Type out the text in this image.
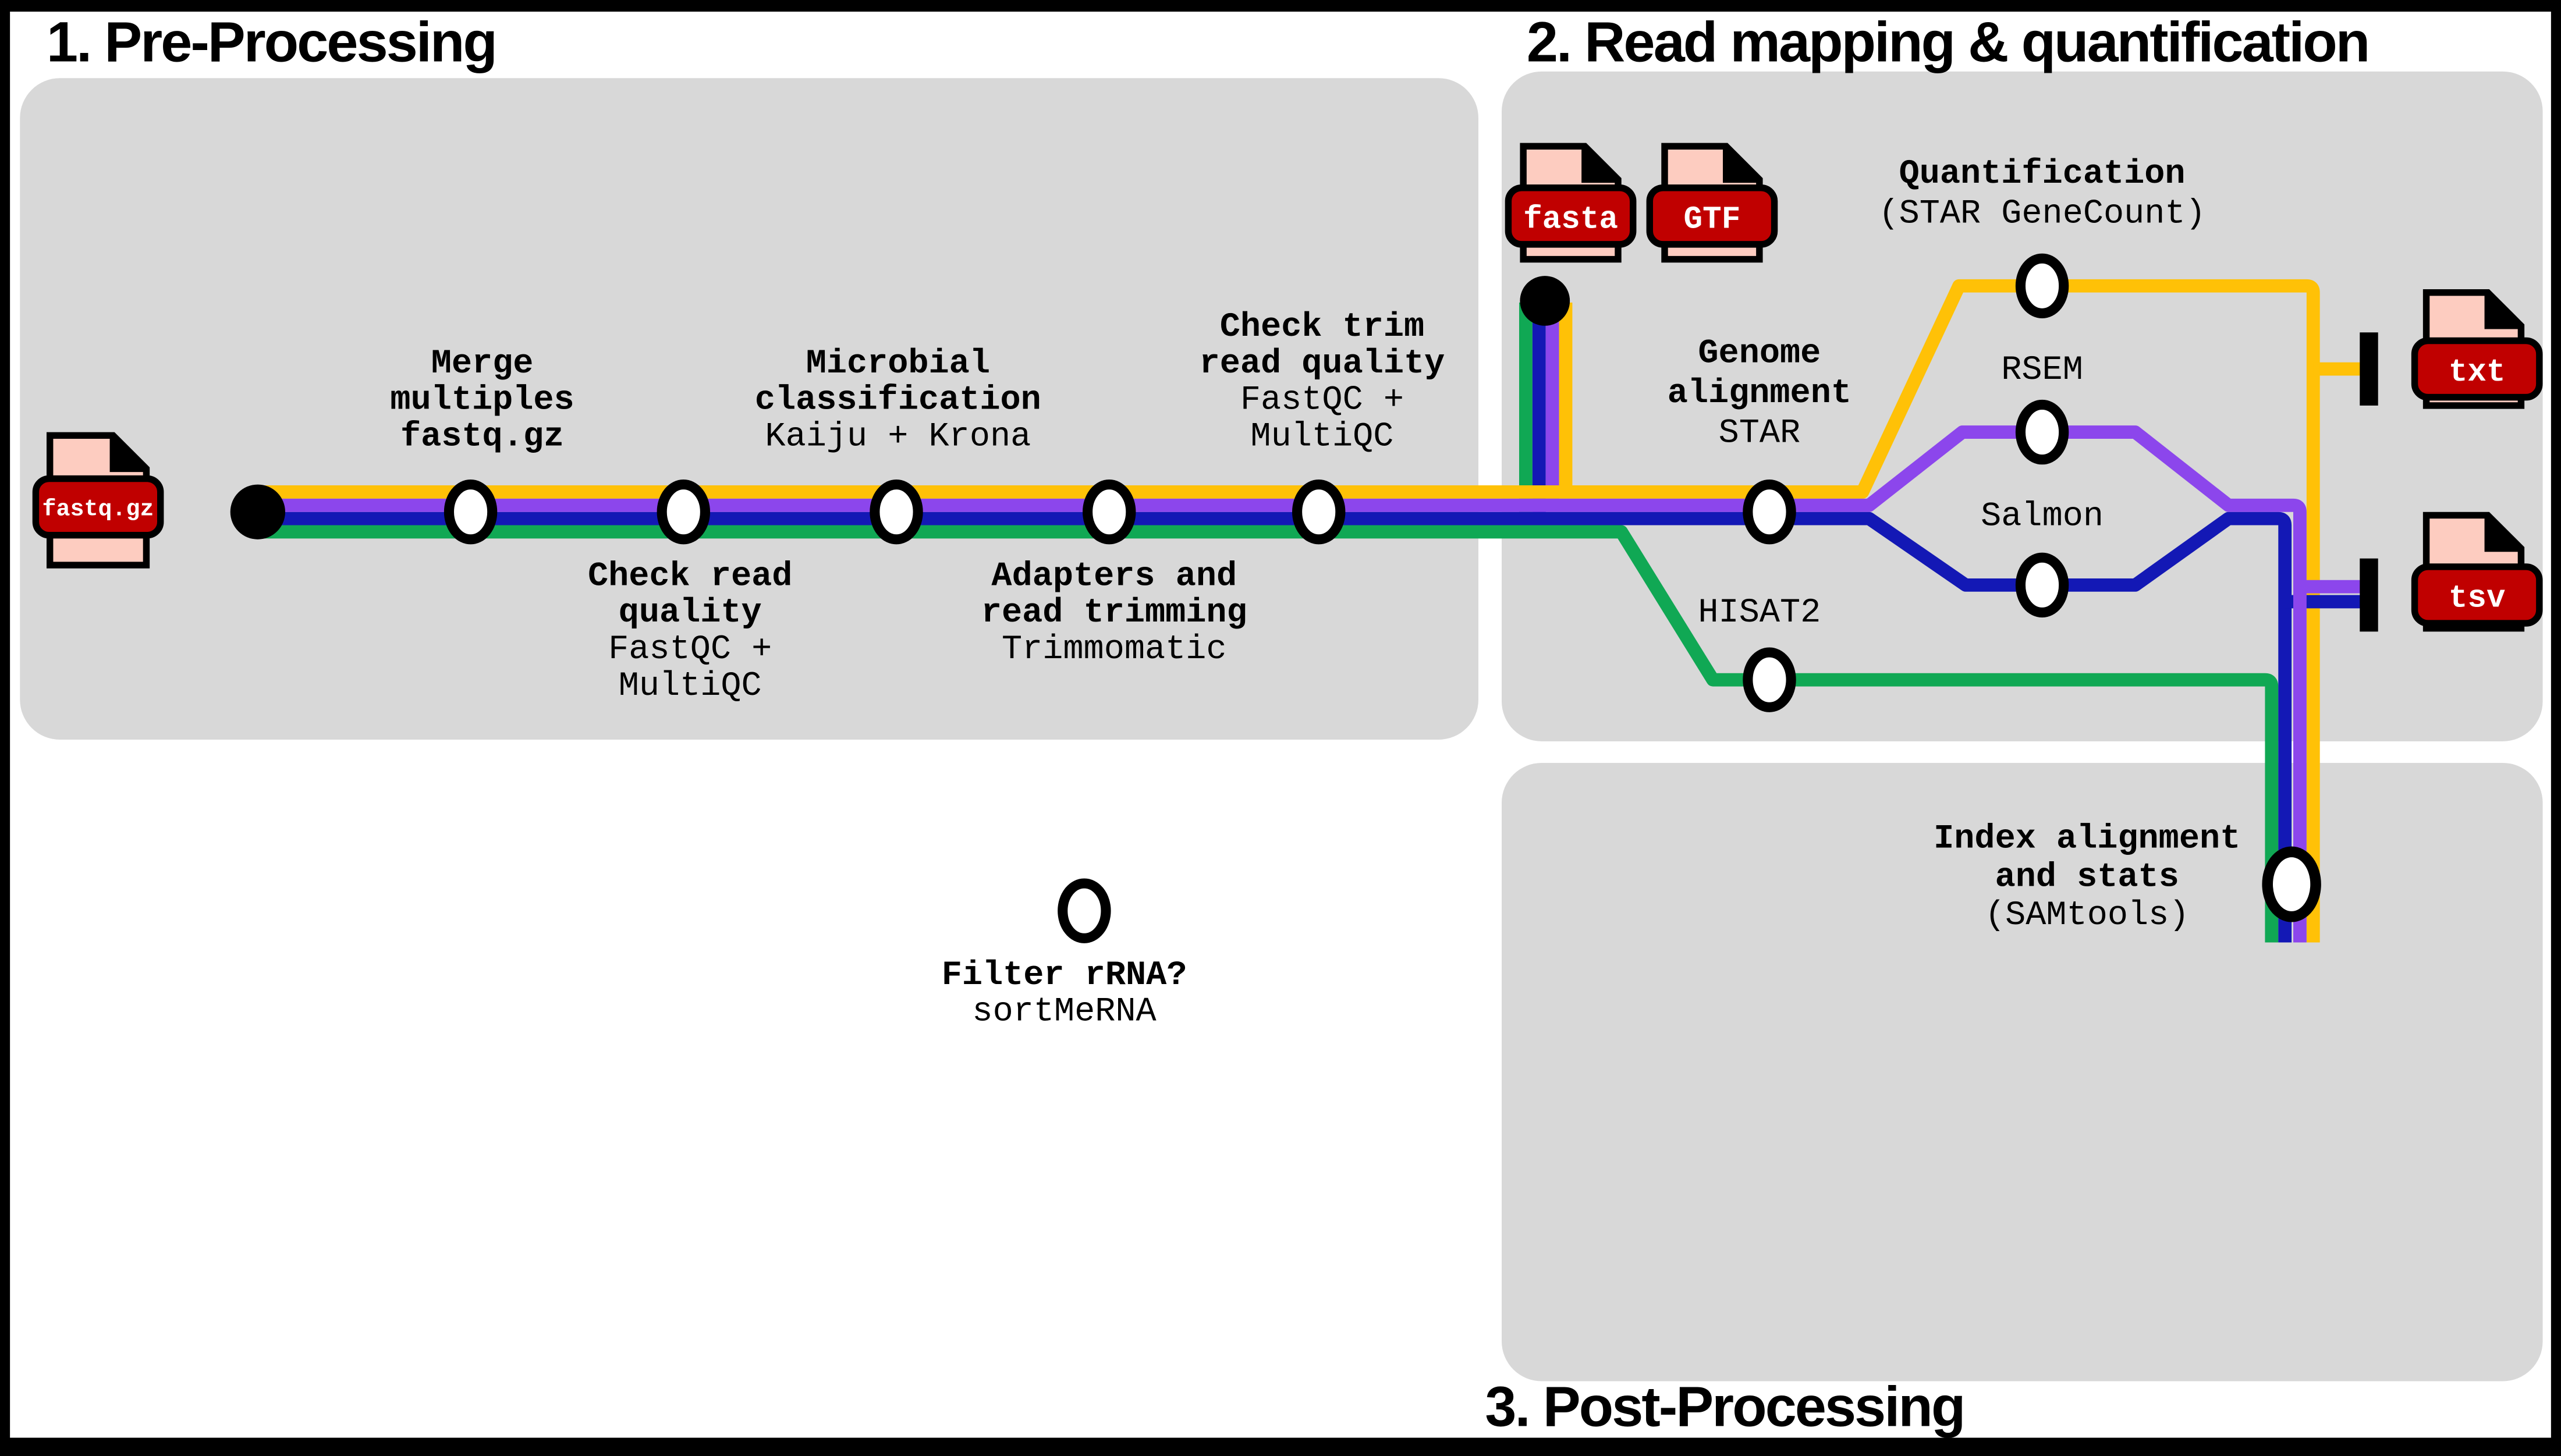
fastq.gz
fasta	GTF
txt
tsv
1. Pre-Processing	2. Read mapping & quantification
3. Post-Processing
Merge
multiples
fastq.gz
Check read
quality
FastQC +
MultiQC
Microbial
classification
Kaiju + Krona
Adapters and
read trimming
Trimmomatic
Check trim
read quality
FastQC +
MultiQC
Filter rRNA?
sortMeRNA
Genome
alignment
STAR
Quantification
(STAR GeneCount)
RSEM
Salmon
HISAT2
Index alignment
and stats
(SAMtools)
